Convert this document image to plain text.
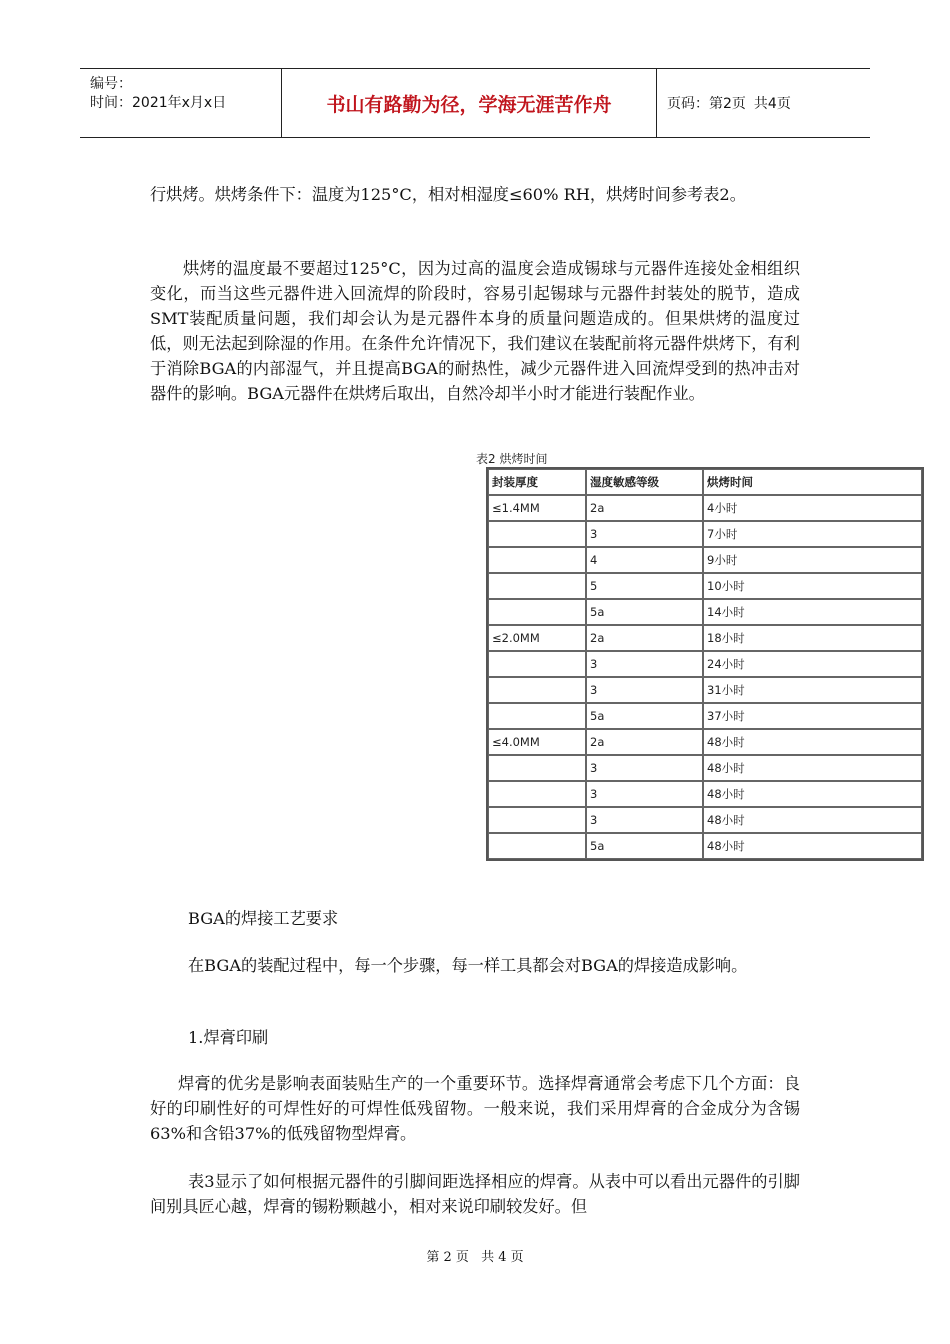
编号：
时间：2021年x月x日	书山有路勤为径，学海无涯苦作舟	页码：第2页 共4页

行烘烤。烘烤条件下：温度为125°C，相对相湿度≤60% RH，烘烤时间参考表2。

烘烤的温度最不要超过125°C，因为过高的温度会造成锡球与元器件连接处金相组织变化，而当这些元器件进入回流焊的阶段时，容易引起锡球与元器件封装处的脱节，造成SMT装配质量问题，我们却会认为是元器件本身的质量问题造成的。但果烘烤的温度过低，则无法起到除湿的作用。在条件允许情况下，我们建议在装配前将元器件烘烤下，有利于消除BGA的内部湿气，并且提高BGA的耐热性，减少元器件进入回流焊受到的热冲击对器件的影响。BGA元器件在烘烤后取出，自然冷却半小时才能进行装配作业。

表2 烘烤时间
封装厚度	湿度敏感等级	烘烤时间
≤1.4MM	2a	4小时
	3	7小时
	4	9小时
	5	10小时
	5a	14小时
≤2.0MM	2a	18小时
	3	24小时
	3	31小时
	5a	37小时
≤4.0MM	2a	48小时
	3	48小时
	3	48小时
	3	48小时
	5a	48小时

BGA的焊接工艺要求

在BGA的装配过程中，每一个步骤，每一样工具都会对BGA的焊接造成影响。

1.焊膏印刷

焊膏的优劣是影响表面装贴生产的一个重要环节。选择焊膏通常会考虑下几个方面：良好的印刷性好的可焊性好的可焊性低残留物。一般来说，我们采用焊膏的合金成分为含锡63%和含铅37%的低残留物型焊膏。

表3显示了如何根据元器件的引脚间距选择相应的焊膏。从表中可以看出元器件的引脚间别具匠心越，焊膏的锡粉颗越小，相对来说印刷较发好。但

第 2 页 共 4 页
